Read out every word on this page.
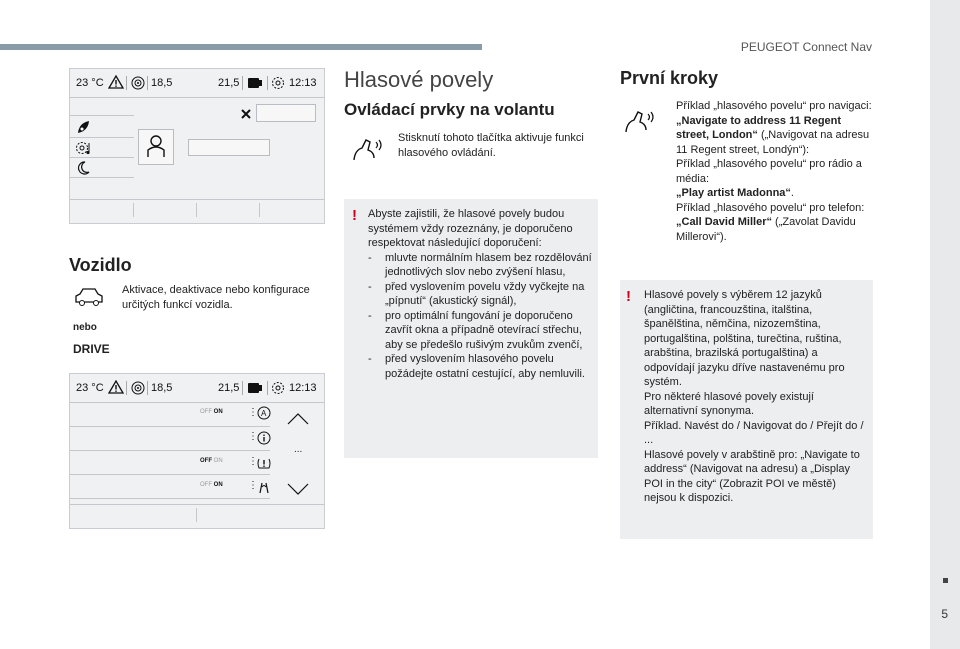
PEUGEOT Connect Nav
5
23 °C	18,5	21,5	12:13
Vozidlo
Aktivace, deaktivace nebo konfigurace určitých funkcí vozidla.
nebo
DRIVE
23 °C	18,5	21,5	12:13
OFF ON	⋮ A
⋮
OFF ON	⋮
OFF ON	⋮
...
Hlasové povely
Ovládací prvky na volantu
Stisknutí tohoto tlačítka aktivuje funkci hlasového ovládání.
! Abyste zajistili, že hlasové povely budou systémem vždy rozeznány, je doporučeno respektovat následující doporučení:
- mluvte normálním hlasem bez rozdělování jednotlivých slov nebo zvýšení hlasu,
- před vyslovením povelu vždy vyčkejte na „pípnutí“ (akustický signál),
- pro optimální fungování je doporučeno zavřít okna a případně otevírací střechu, aby se předešlo rušivým zvukům zvenčí,
- před vyslovením hlasového povelu požádejte ostatní cestující, aby nemluvili.
První kroky
Příklad „hlasového povelu“ pro navigaci:
„Navigate to address 11 Regent street, London“ („Navigovat na adresu 11 Regent street, Londýn“):
Příklad „hlasového povelu“ pro rádio a média:
„Play artist Madonna“.
Příklad „hlasového povelu“ pro telefon:
„Call David Miller“ („Zavolat Davidu Millerovi“).
! Hlasové povely s výběrem 12 jazyků (angličtina, francouzština, italština, španělština, němčina, nizozemština, portugalština, polština, turečtina, ruština, arabština, brazilská portugalština) a odpovídají jazyku dříve nastavenému pro systém.
Pro některé hlasové povely existují alternativní synonyma.
Příklad. Navést do / Navigovat do / Přejít do / ...
Hlasové povely v arabštině pro: „Navigate to address“ (Navigovat na adresu) a „Display POI in the city“ (Zobrazit POI ve městě) nejsou k dispozici.
